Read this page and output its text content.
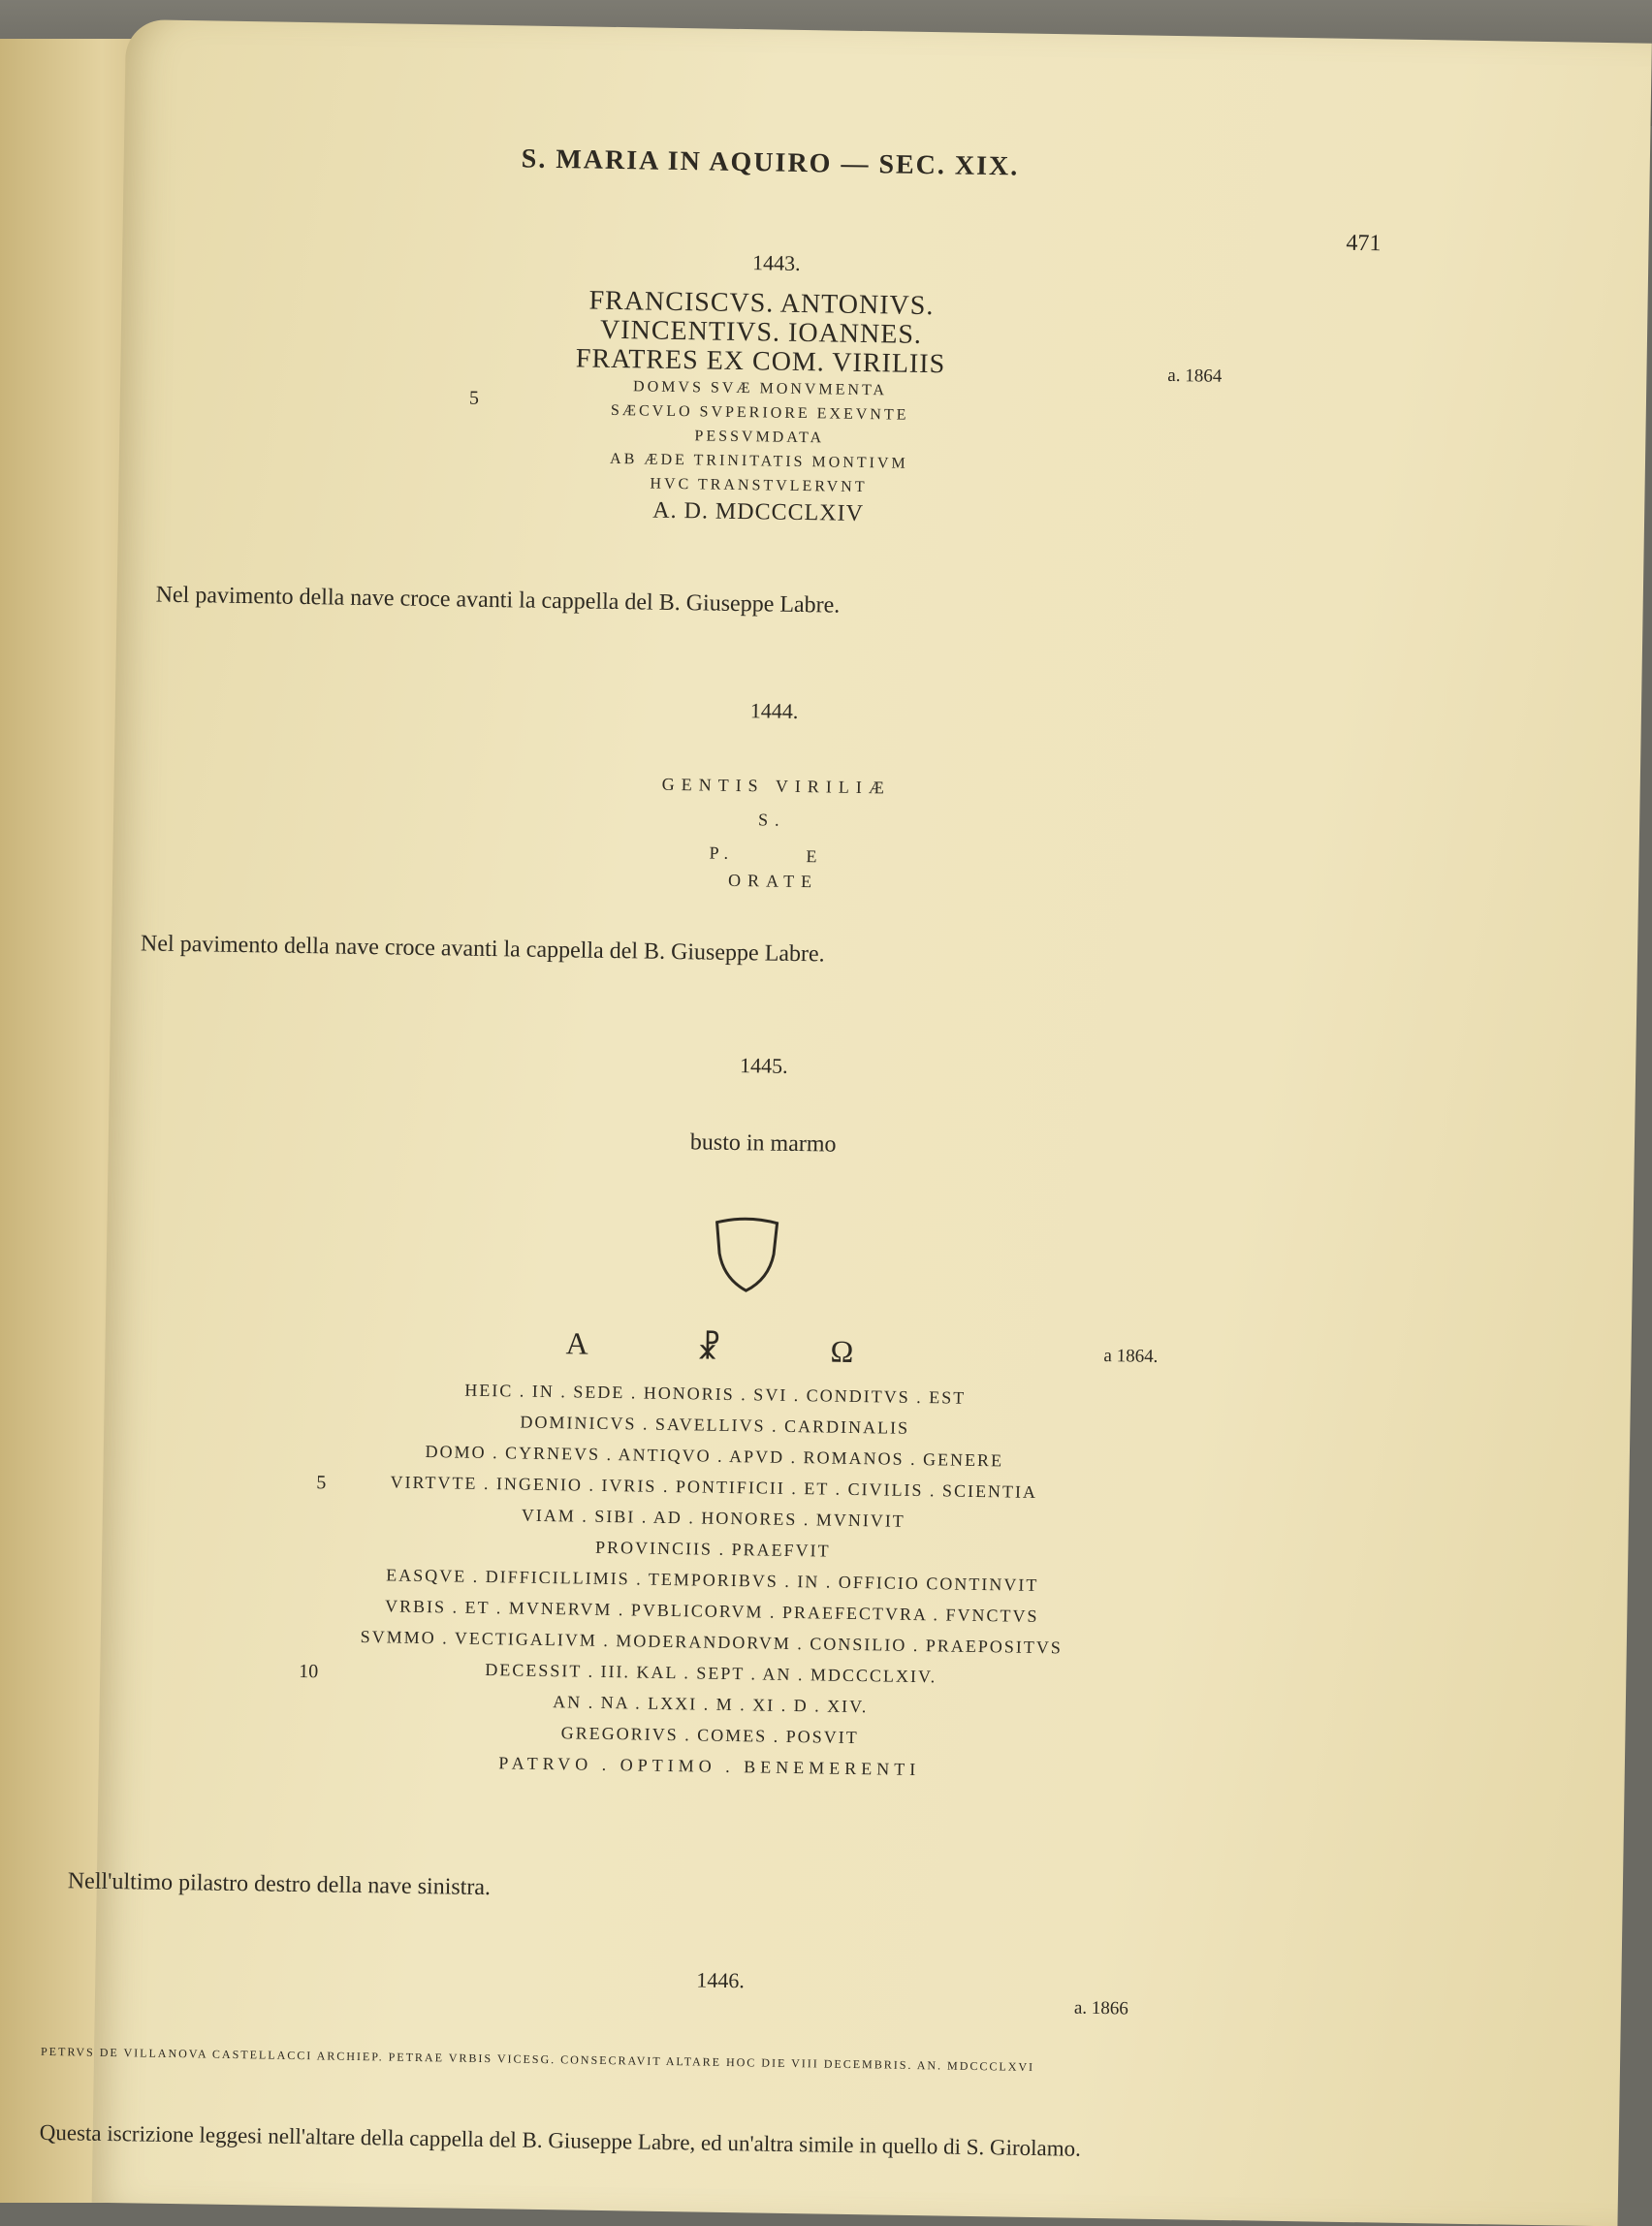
S. MARIA IN AQUIRO — SEC. XIX.
471
1443.
a. 1864
5
FRANCISCVS. ANTONIVS.
VINCENTIVS. IOANNES.
FRATRES EX COM. VIRILIIS
DOMVS SVÆ MONVMENTA
SÆCVLO SVPERIORE EXEVNTE
PESSVMDATA
AB ÆDE TRINITATIS MONTIVM
HVC TRANSTVLERVNT
A. D. MDCCCLXIV
Nel pavimento della nave croce avanti la cappella del B. Giuseppe Labre.
1444.
GENTIS VIRILIÆ
S.
P.	E
ORATE
Nel pavimento della nave croce avanti la cappella del B. Giuseppe Labre.
1445.
busto in marmo
A	☧	Ω	a 1864.
5
10
HEIC . IN . SEDE . HONORIS . SVI . CONDITVS . EST
DOMINICVS . SAVELLIVS . CARDINALIS
DOMO . CYRNEVS . ANTIQVO . APVD . ROMANOS . GENERE
VIRTVTE . INGENIO . IVRIS . PONTIFICII . ET . CIVILIS . SCIENTIA
VIAM . SIBI . AD . HONORES . MVNIVIT
PROVINCIIS . PRAEFVIT
EASQVE . DIFFICILLIMIS . TEMPORIBVS . IN . OFFICIO CONTINVIT
VRBIS . ET . MVNERVM . PVBLICORVM . PRAEFECTVRA . FVNCTVS
SVMMO . VECTIGALIVM . MODERANDORVM . CONSILIO . PRAEPOSITVS
DECESSIT . III. KAL . SEPT . AN . MDCCCLXIV.
AN . NA . LXXI . M . XI . D . XIV.
GREGORIVS . COMES . POSVIT
PATRVO . OPTIMO . BENEMERENTI
Nell'ultimo pilastro destro della nave sinistra.
1446.
a. 1866
PETRVS DE VILLANOVA CASTELLACCI ARCHIEP. PETRAE VRBIS VICESG. CONSECRAVIT ALTARE HOC DIE VIII DECEMBRIS. AN. MDCCCLXVI
Questa iscrizione leggesi nell'altare della cappella del B. Giuseppe Labre, ed un'altra simile in quello di S. Girolamo.
